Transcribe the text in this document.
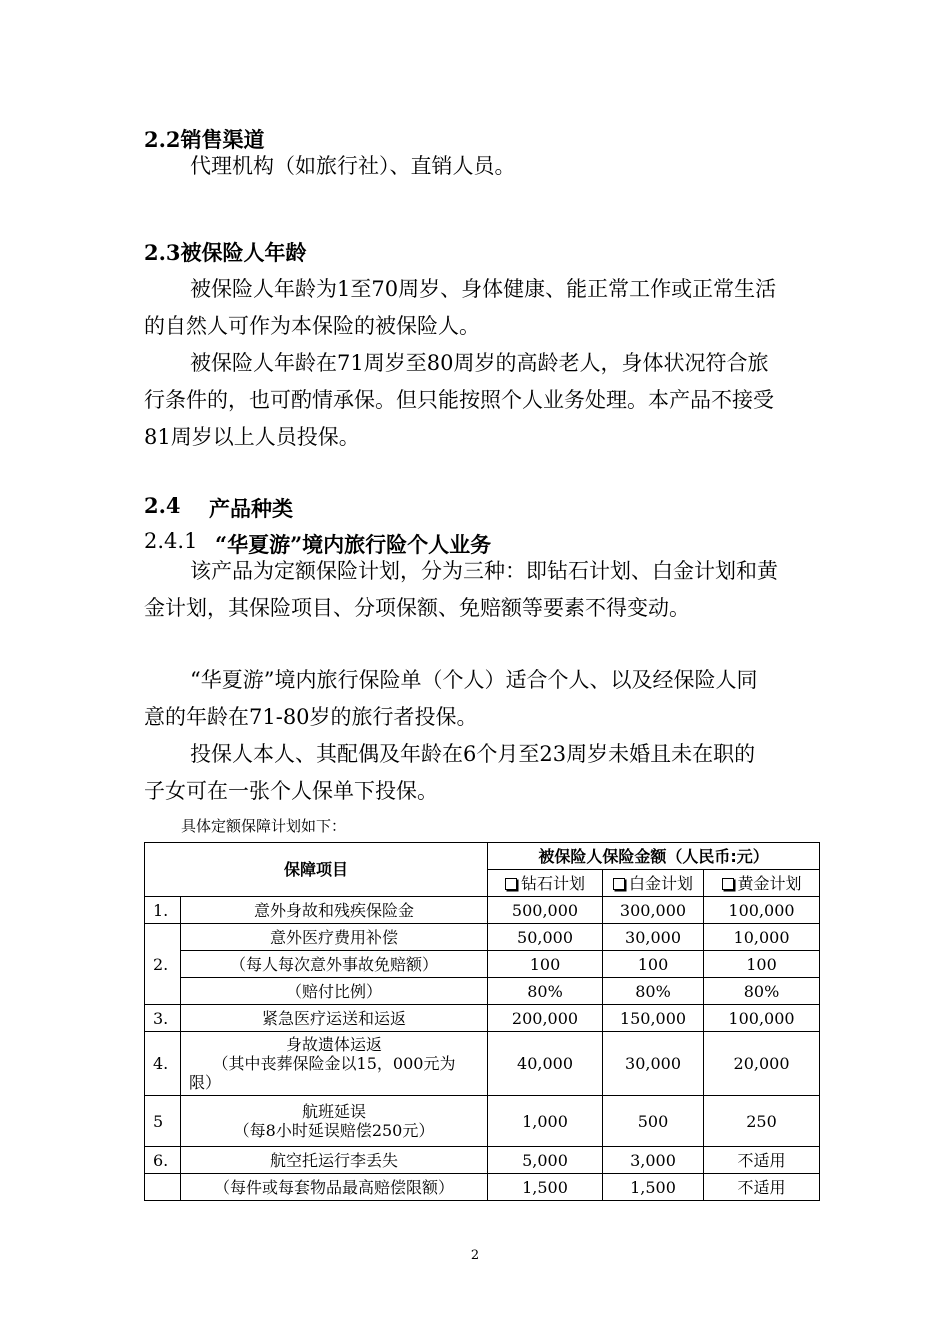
2.2销售渠道
代理机构（如旅行社）、直销人员。
2.3被保险人年龄
被保险人年龄为1至70周岁、身体健康、能正常工作或正常生活
的自然人可作为本保险的被保险人。
被保险人年龄在71周岁至80周岁的高龄老人，身体状况符合旅
行条件的，也可酌情承保。但只能按照个人业务处理。本产品不接受
81周岁以上人员投保。
2.4 产品种类
2.4.1 “华夏游”境内旅行险个人业务
该产品为定额保险计划，分为三种：即钻石计划、白金计划和黄
金计划，其保险项目、分项保额、免赔额等要素不得变动。
“华夏游”境内旅行保险单（个人）适合个人、以及经保险人同
意的年龄在71-80岁的旅行者投保。
投保人本人、其配偶及年龄在6个月至23周岁未婚且未在职的
子女可在一张个人保单下投保。
具体定额保障计划如下：
保障项目		被保险人保险金额（人民币:元）		
		钻石计划	白金计划	黄金计划
1.	意外身故和残疾保险金	500,000	300,000	100,000
2.	意外医疗费用补偿	50,000	30,000	10,000
	（每人每次意外事故免赔额）	100	100	100
	（赔付比例）	80%	80%	80%
3.	紧急医疗运送和运返	200,000	150,000	100,000
4.	身故遗体运返
（其中丧葬保险金以15，000元为
限）	40,000	30,000	20,000
5	航班延误
（每8小时延误赔偿250元）	1,000	500	250
6.	航空托运行李丢失	5,000	3,000	不适用
	（每件或每套物品最高赔偿限额）	1,500	1,500	不适用
2
